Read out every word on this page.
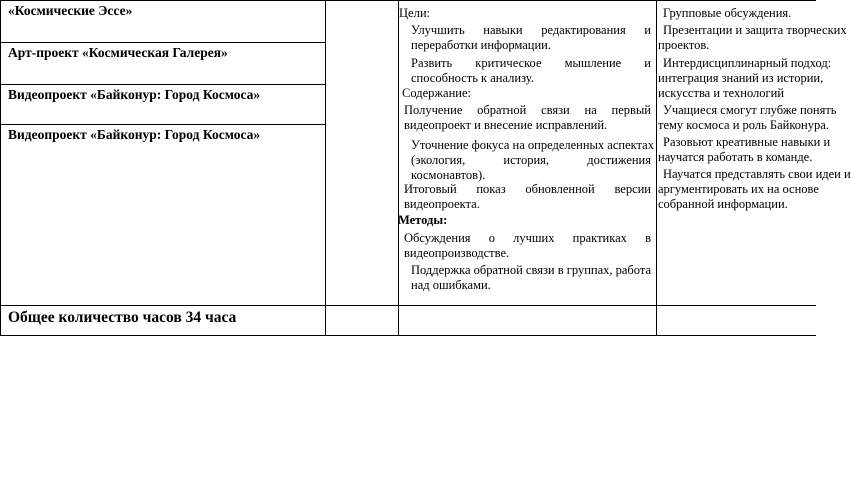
«Космические Эссе»
Арт-проект «Космическая Галерея»
Видеопроект «Байконур: Город Космоса»
Видеопроект «Байконур: Город Космоса»
Общее количество часов 34 часа
Цели:
Улучшить навыки редактирования и
переработки информации.
Развить критическое мышление и
способность к анализу.
Содержание:
Получение обратной связи на первый
видеопроект и внесение исправлений.
Уточнение фокуса на определенных аспектах
(экология, история, достижения
космонавтов).
Итоговый показ обновленной версии
видеопроекта.
Методы:
Обсуждения о лучших практиках в
видеопроизводстве.
Поддержка обратной связи в группах, работа
над ошибками.
Групповые обсуждения.
Презентации и защита творческих
проектов.
Интердисциплинарный подход:
интеграция знаний из истории,
искусства и технологий
Учащиеся смогут глубже понять
тему космоса и роль Байконура.
Разовьют креативные навыки и
научатся работать в команде.
Научатся представлять свои идеи и
аргументировать их на основе
собранной информации.
